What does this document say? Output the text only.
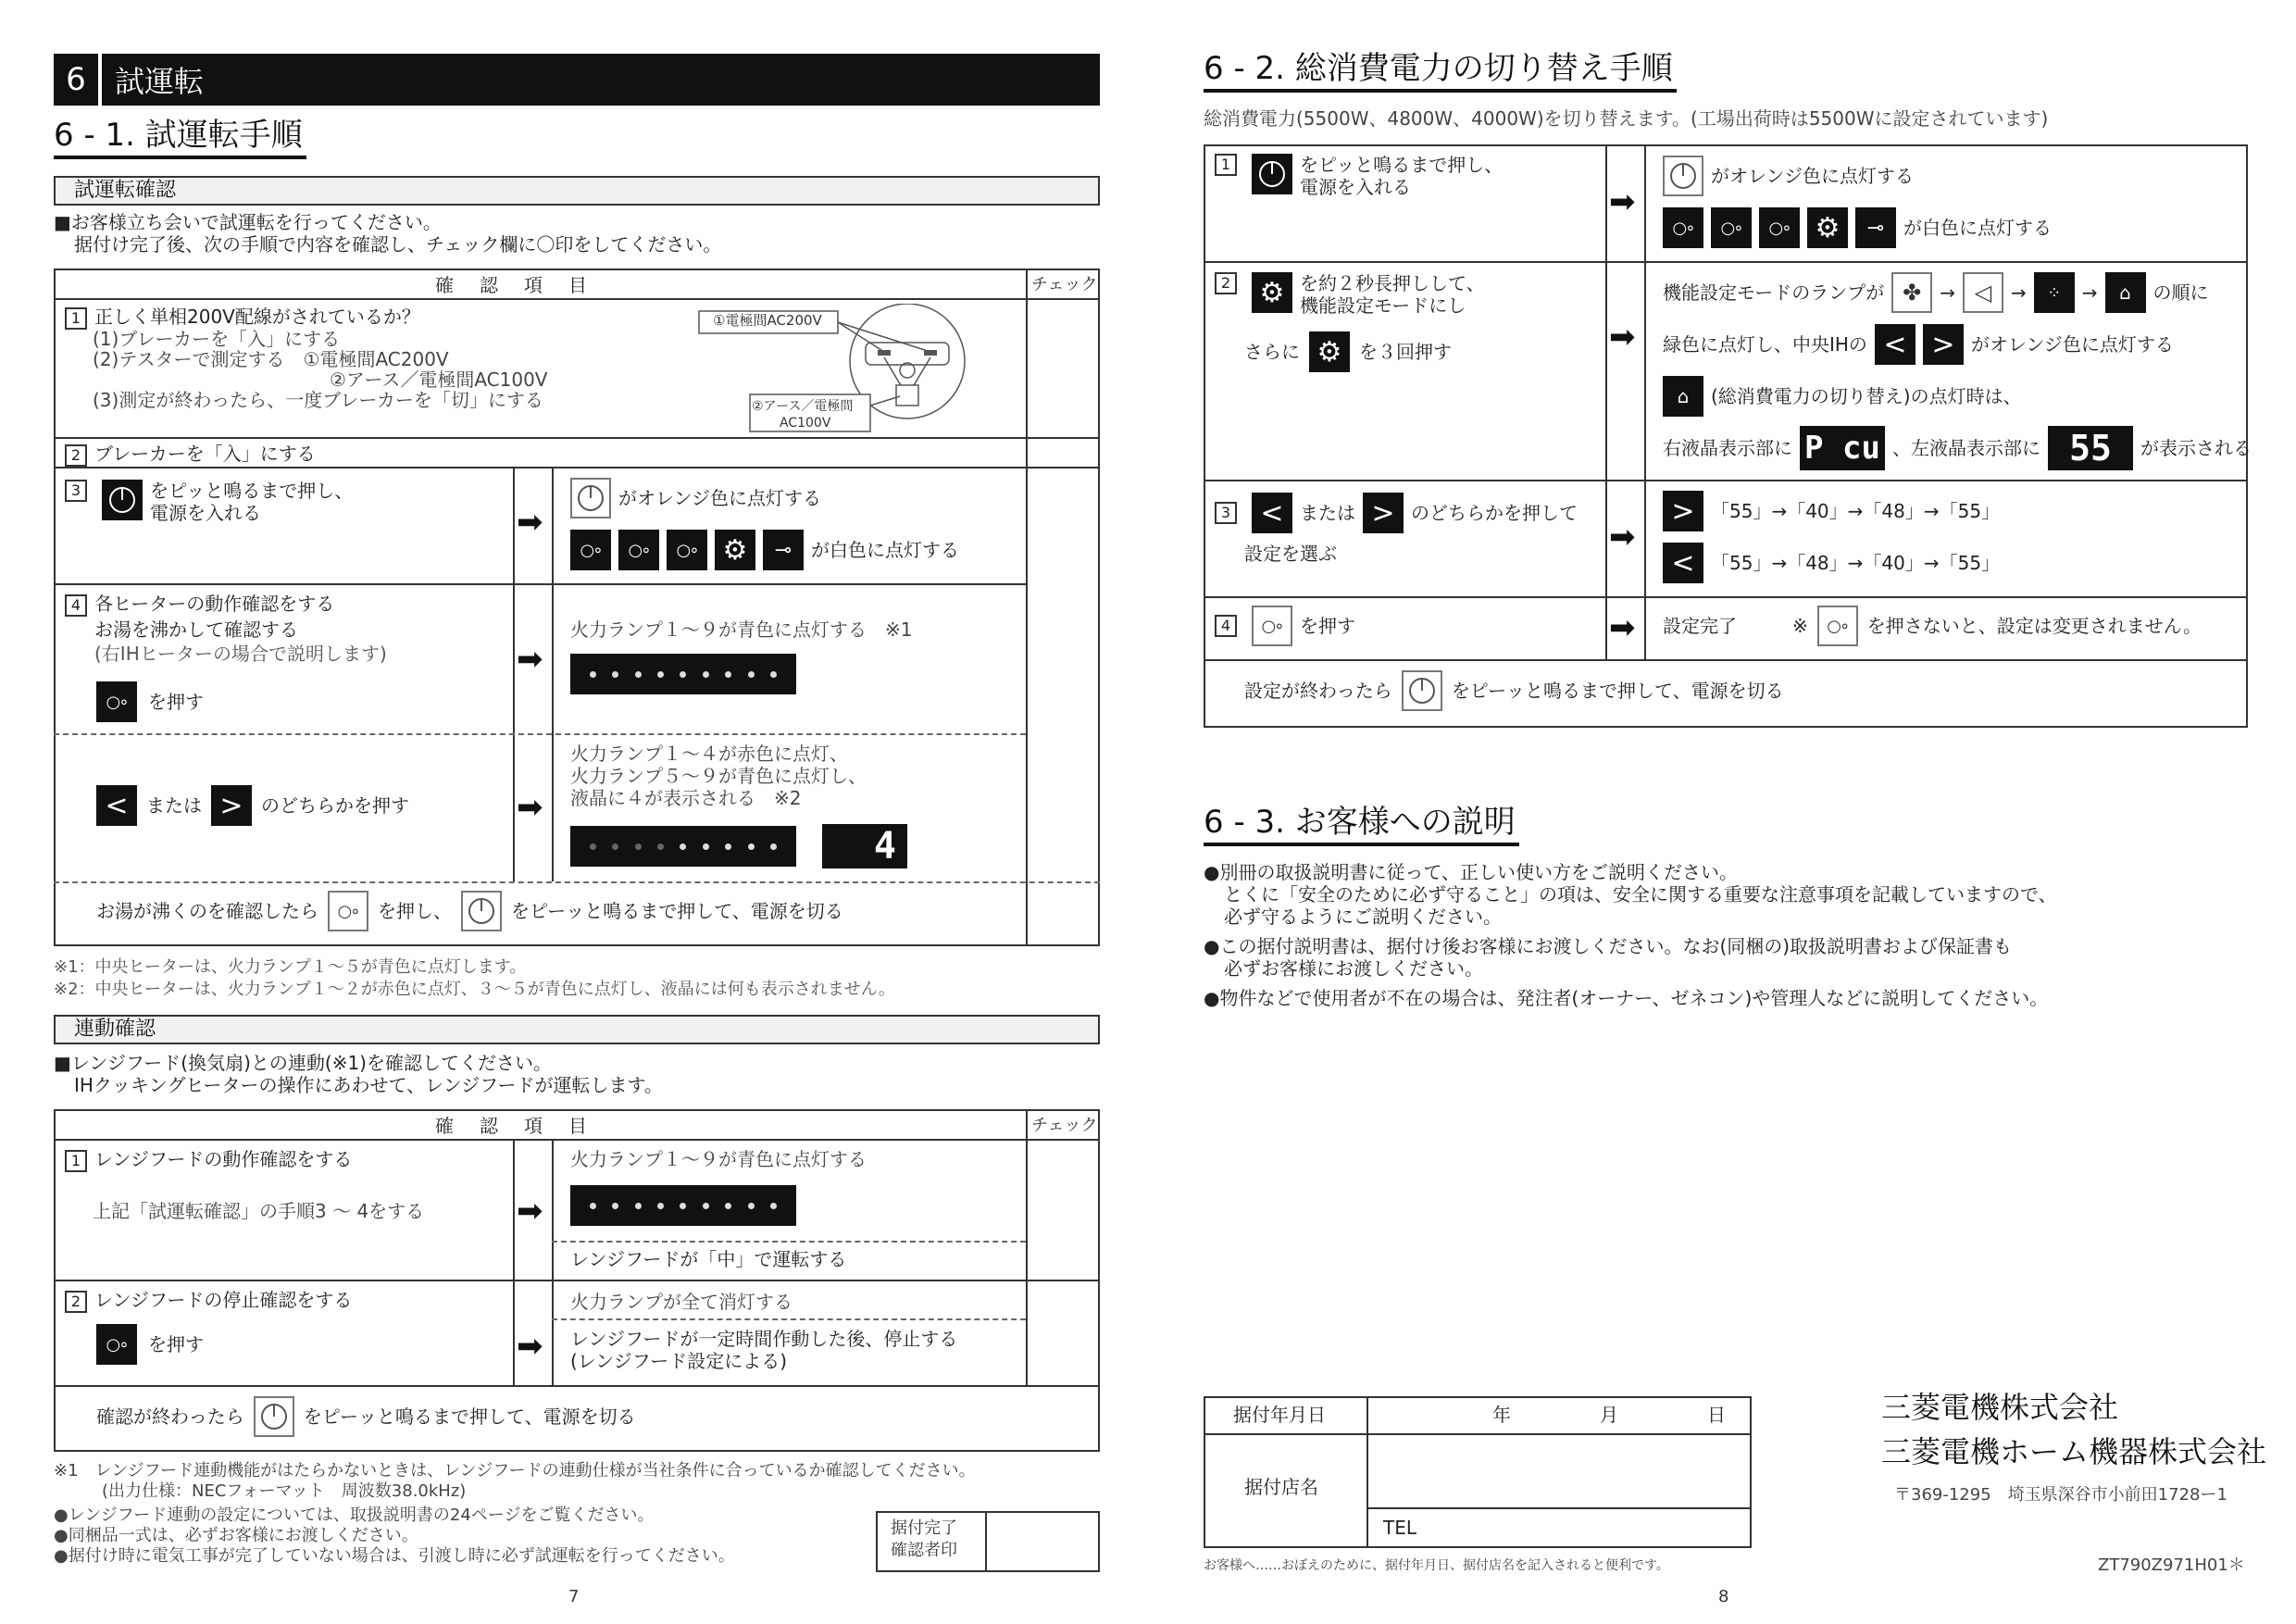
6 試運転
6 - 1. 試運転手順
試運転確認
■お客様立ち会いで試運転を行ってください。
据付け完了後、次の手順で内容を確認し、チェック欄に〇印をしてください。
確　認　項　目	チェック
1 正しく単相200V配線がされているか？
(1)ブレーカーを「入」にする
(2)テスターで測定する　①電極間AC200V
②アース／電極間AC100V
(3)測定が終わったら、一度ブレーカーを「切」にする
①電極間AC200V
②アース／電極間
AC100V
2 ブレーカーを「入」にする
3	をピッと鳴るまで押し、
電源を入れる	➡
がオレンジ色に点灯する
○∘	○∘	○∘ ⚙	⊸	が白色に点灯する
4 各ヒーターの動作確認をする
お湯を沸かして確認する
(右IHヒーターの場合で説明します)
○∘	を押す
➡
火力ランプ１～９が青色に点灯する　※1
< または > のどちらかを押す	➡
火力ランプ１～４が赤色に点灯、
火力ランプ５～９が青色に点灯し、
液晶に４が表示される　※2
4
お湯が沸くのを確認したら	○∘	を押し、	をピーッと鳴るまで押して、電源を切る
※1：中央ヒーターは、火力ランプ１～５が青色に点灯します。
※2：中央ヒーターは、火力ランプ１～２が赤色に点灯、３～５が青色に点灯し、液晶には何も表示されません。
連動確認
■レンジフード(換気扇)との連動(※1)を確認してください。
IHクッキングヒーターの操作にあわせて、レンジフードが運転します。
確　認　項　目	チェック
1 レンジフードの動作確認をする
上記「試運転確認」の手順3 ～ 4をする	➡
火力ランプ１～９が青色に点灯する
レンジフードが「中」で運転する
2 レンジフードの停止確認をする
○∘	を押す	➡
火力ランプが全て消灯する
レンジフードが一定時間作動した後、停止する
(レンジフード設定による)
確認が終わったら	をピーッと鳴るまで押して、電源を切る
※1　レンジフード連動機能がはたらかないときは、レンジフードの連動仕様が当社条件に合っているか確認してください。
(出力仕様：NECフォーマット　周波数38.0kHz)
●レンジフード連動の設定については、取扱説明書の24ページをご覧ください。
●同梱品一式は、必ずお客様にお渡しください。
●据付け時に電気工事が完了していない場合は、引渡し時に必ず試運転を行ってください。
据付完了
確認者印
7
6 - 2. 総消費電力の切り替え手順
総消費電力(5500W、4800W、4000W)を切り替えます。(工場出荷時は5500Wに設定されています)
1	をピッと鳴るまで押し、
電源を入れる	➡
がオレンジ色に点灯する
○∘	○∘	○∘ ⚙	⊸	が白色に点灯する
2 ⚙ を約２秒長押しして、
機能設定モードにし
さらに ⚙ を３回押す	➡
機能設定モードのランプが ✤ → ◁	→	⁘	→	⌂	の順に
緑色に点灯し、中央IHの < > がオレンジ色に点灯する
⌂	(総消費電力の切り替え)の点灯時は、
右液晶表示部に P cu 、左液晶表示部に 55	が表示される
3	< または > のどちらかを押して
設定を選ぶ	➡
> 「55」→「40」→「48」→「55」
< 「55」→「48」→「40」→「55」
4	○∘ を押す	➡ 設定完了	※	○∘	を押さないと、設定は変更されません。
設定が終わったら	をピーッと鳴るまで押して、電源を切る
6 - 3. お客様への説明
●別冊の取扱説明書に従って、正しい使い方をご説明ください。
とくに「安全のために必ず守ること」の項は、安全に関する重要な注意事項を記載していますので、
必ず守るようにご説明ください。
●この据付説明書は、据付け後お客様にお渡しください。なお(同梱の)取扱説明書および保証書も
必ずお客様にお渡しください。
●物件などで使用者が不在の場合は、発注者(オーナー、ゼネコン)や管理人などに説明してください。
据付年月日	年	月	日
据付店名
TEL
お客様へ……おぼえのために、据付年月日、据付店名を記入されると便利です。
三菱電機株式会社
三菱電機ホーム機器株式会社
〒369-1295　埼玉県深谷市小前田1728ー1
ZT790Z971H01＊
8
